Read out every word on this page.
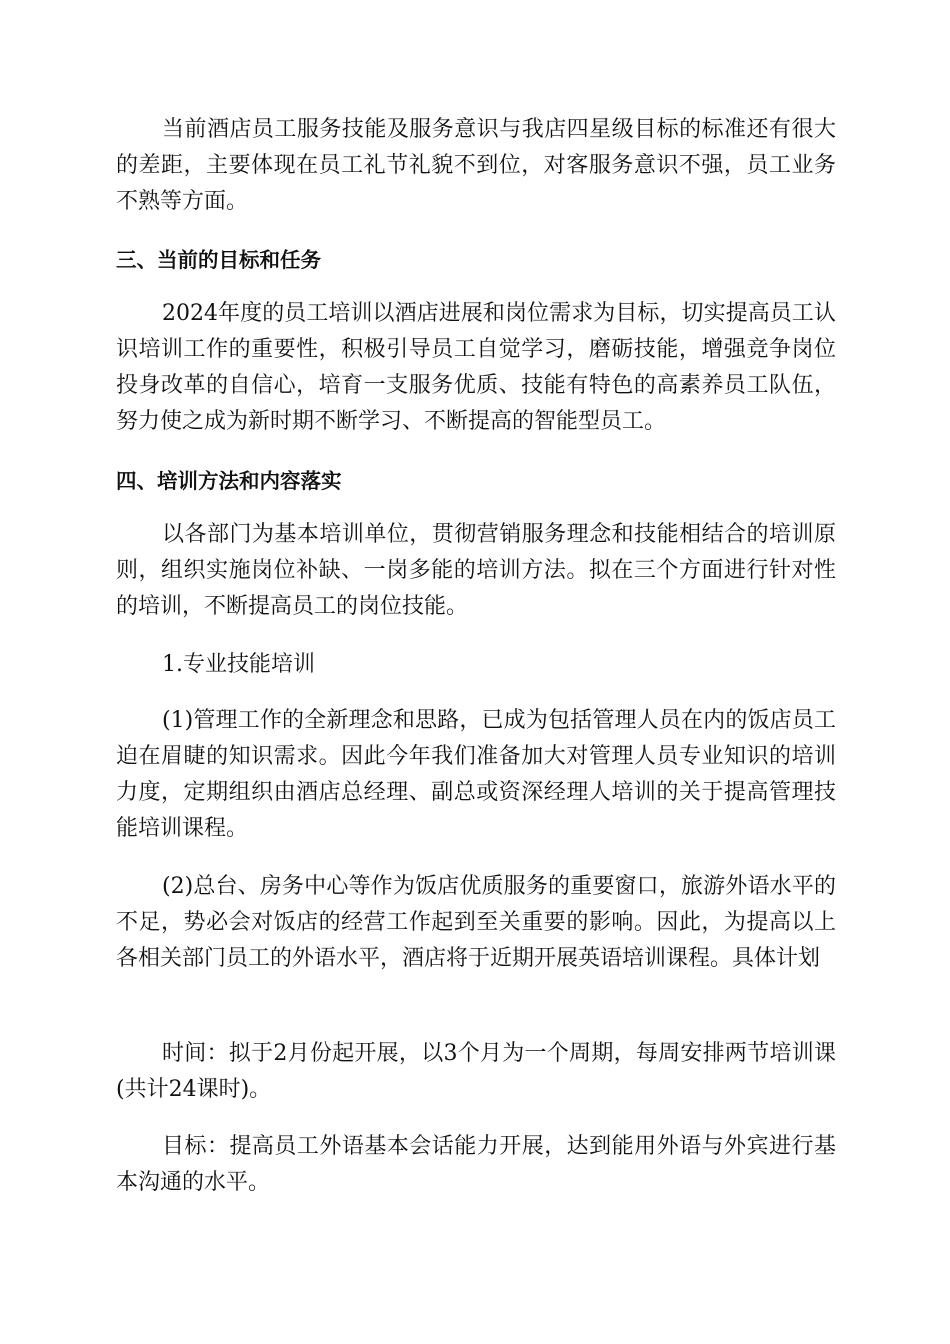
当前酒店员工服务技能及服务意识与我店四星级目标的标准还有很大的差距，主要体现在员工礼节礼貌不到位，对客服务意识不强，员工业务不熟等方面。

三、当前的目标和任务

2024年度的员工培训以酒店进展和岗位需求为目标，切实提高员工认识培训工作的重要性，积极引导员工自觉学习，磨砺技能，增强竞争岗位投身改革的自信心，培育一支服务优质、技能有特色的高素养员工队伍，努力使之成为新时期不断学习、不断提高的智能型员工。

四、培训方法和内容落实

以各部门为基本培训单位，贯彻营销服务理念和技能相结合的培训原则，组织实施岗位补缺、一岗多能的培训方法。拟在三个方面进行针对性的培训，不断提高员工的岗位技能。

1.专业技能培训

(1)管理工作的全新理念和思路，已成为包括管理人员在内的饭店员工迫在眉睫的知识需求。因此今年我们准备加大对管理人员专业知识的培训力度，定期组织由酒店总经理、副总或资深经理人培训的关于提高管理技能培训课程。

(2)总台、房务中心等作为饭店优质服务的重要窗口，旅游外语水平的不足，势必会对饭店的经营工作起到至关重要的影响。因此，为提高以上各相关部门员工的外语水平，酒店将于近期开展英语培训课程。具体计划

时间：拟于2月份起开展，以3个月为一个周期，每周安排两节培训课(共计24课时)。

目标：提高员工外语基本会话能力开展，达到能用外语与外宾进行基本沟通的水平。
